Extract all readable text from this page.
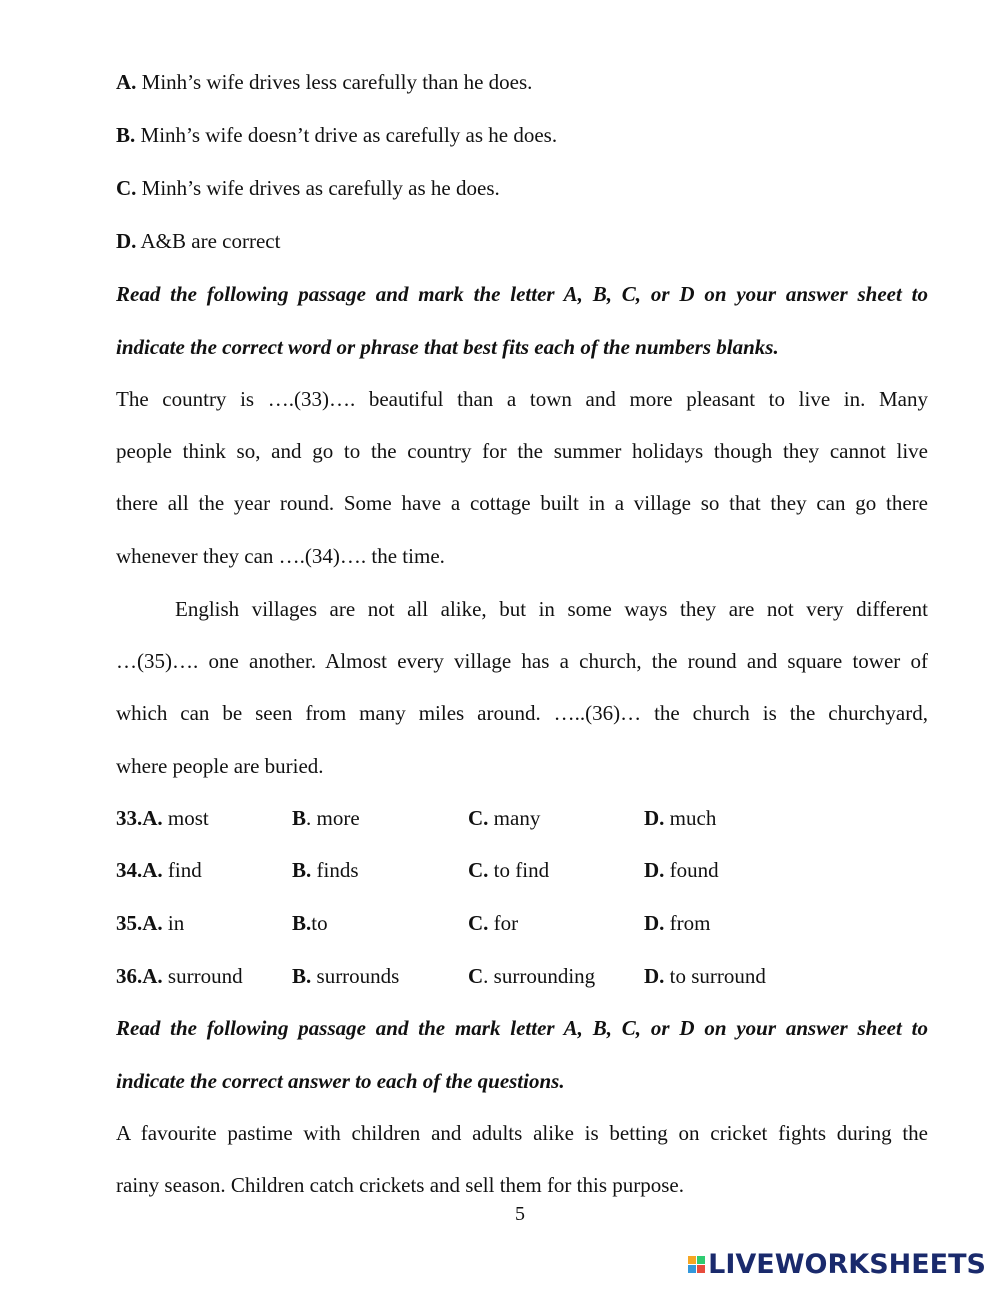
A. Minh’s wife drives less carefully than he does.
B. Minh’s wife doesn’t drive as carefully as he does.
C. Minh’s wife drives as carefully as he does.
D. A&B are correct
Read the following passage and mark the letter A, B, C, or D on your answer sheet to
indicate the correct word or phrase that best fits each of the numbers blanks.
The country is ….(33)…. beautiful than a town and more pleasant to live in. Many
people think so, and go to the country for the summer holidays though they cannot live
there all the year round. Some have a cottage built in a village so that they can go there
whenever they can ….(34)…. the time.
English villages are not all alike, but in some ways they are not very different
…(35)…. one another. Almost every village has a church, the round and square tower of
which can be seen from many miles around. …..(36)… the church is the churchyard,
where people are buried.
33.A. most	B. more	C. many	D. much
34.A. find	B. finds	C. to find	D. found
35.A. in	B.to	C. for	D. from
36.A. surround B. surrounds	C. surrounding D. to surround
Read the following passage and the mark letter A, B, C, or D on your answer sheet to
indicate the correct answer to each of the questions.
A favourite pastime with children and adults alike is betting on cricket fights during the
rainy season. Children catch crickets and sell them for this purpose.
5
LIVEWORKSHEETS
